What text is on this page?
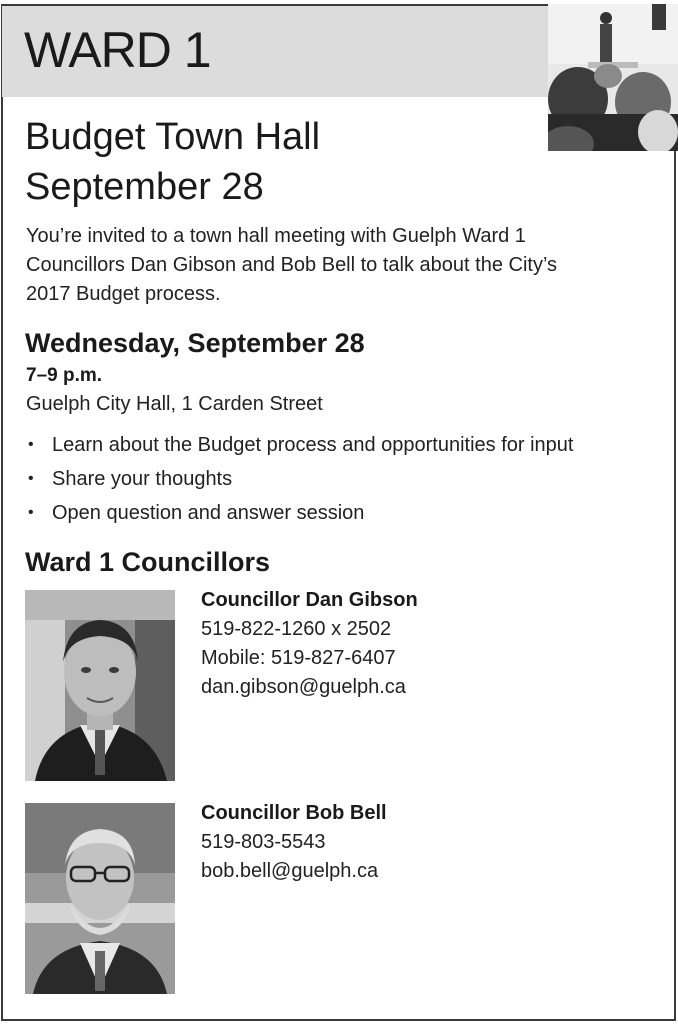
WARD 1
Budget Town Hall
September 28
You’re invited to a town hall meeting with Guelph Ward 1
Councillors Dan Gibson and Bob Bell to talk about the City’s
2017 Budget process.
Wednesday, September 28
7–9 p.m.
Guelph City Hall, 1 Carden Street
• Learn about the Budget process and opportunities for input
• Share your thoughts
• Open question and answer session
Ward 1 Councillors
Councillor Dan Gibson
519-822-1260 x 2502
Mobile: 519-827-6407
dan.gibson@guelph.ca
Councillor Bob Bell
519-803-5543
bob.bell@guelph.ca
